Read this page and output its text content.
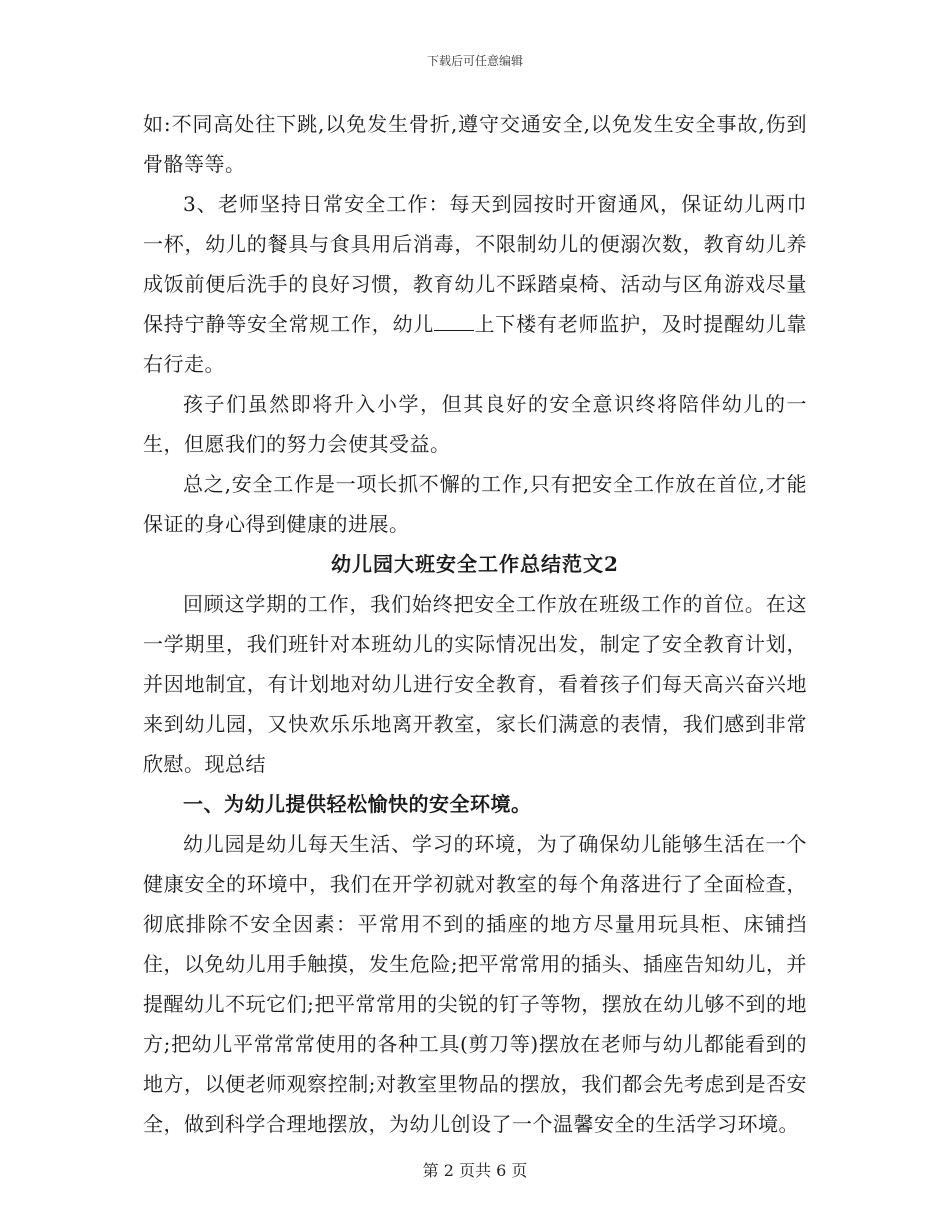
下载后可任意编辑

如:不同高处往下跳,以免发生骨折,遵守交通安全,以免发生安全事故,伤到骨骼等等。

3、老师坚持日常安全工作：每天到园按时开窗通风，保证幼儿两巾一杯，幼儿的餐具与食具用后消毒，不限制幼儿的便溺次数，教育幼儿养成饭前便后洗手的良好习惯，教育幼儿不踩踏桌椅、活动与区角游戏尽量保持宁静等安全常规工作，幼儿 上下楼有老师监护，及时提醒幼儿靠右行走。

孩子们虽然即将升入小学，但其良好的安全意识终将陪伴幼儿的一生，但愿我们的努力会使其受益。

总之,安全工作是一项长抓不懈的工作,只有把安全工作放在首位,才能保证的身心得到健康的进展。

幼儿园大班安全工作总结范文2

回顾这学期的工作，我们始终把安全工作放在班级工作的首位。在这一学期里，我们班针对本班幼儿的实际情况出发，制定了安全教育计划，并因地制宜，有计划地对幼儿进行安全教育，看着孩子们每天高兴奋兴地来到幼儿园，又快欢乐乐地离开教室，家长们满意的表情，我们感到非常欣慰。现总结

一、为幼儿提供轻松愉快的安全环境。

幼儿园是幼儿每天生活、学习的环境，为了确保幼儿能够生活在一个健康安全的环境中，我们在开学初就对教室的每个角落进行了全面检查，彻底排除不安全因素：平常用不到的插座的地方尽量用玩具柜、床铺挡住，以免幼儿用手触摸，发生危险;把平常常用的插头、插座告知幼儿，并提醒幼儿不玩它们;把平常常用的尖锐的钉子等物，摆放在幼儿够不到的地方;把幼儿平常常常使用的各种工具(剪刀等)摆放在老师与幼儿都能看到的地方，以便老师观察控制;对教室里物品的摆放，我们都会先考虑到是否安全，做到科学合理地摆放，为幼儿创设了一个温馨安全的生活学习环境。

第 2 页共 6 页
